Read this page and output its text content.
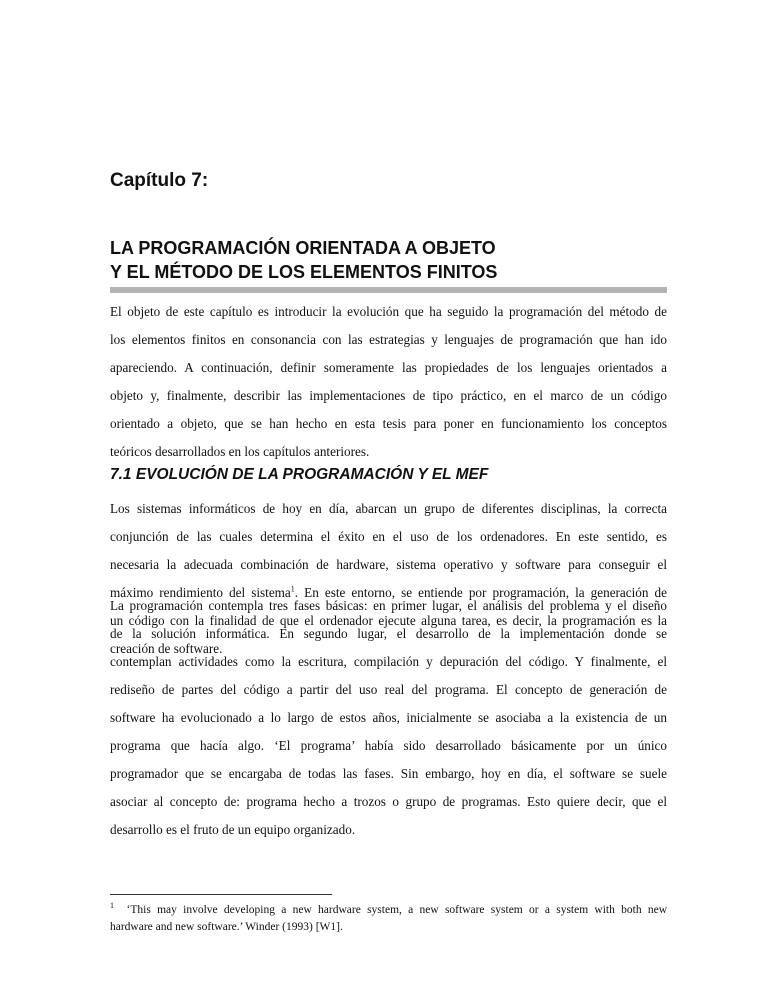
Capítulo 7:
LA PROGRAMACIÓN ORIENTADA A OBJETO
Y EL MÉTODO DE LOS ELEMENTOS FINITOS
El objeto de este capítulo es introducir la evolución que ha seguido la programación del método de
los elementos finitos en consonancia con las estrategias y lenguajes de programación que han ido
apareciendo. A continuación, definir someramente las propiedades de los lenguajes orientados a
objeto y, finalmente, describir las implementaciones de tipo práctico, en el marco de un código
orientado a objeto, que se han hecho en esta tesis para poner en funcionamiento los conceptos
teóricos desarrollados en los capítulos anteriores.
7.1 EVOLUCIÓN DE LA PROGRAMACIÓN Y EL MEF
Los sistemas informáticos de hoy en día, abarcan un grupo de diferentes disciplinas, la correcta
conjunción de las cuales determina el éxito en el uso de los ordenadores. En este sentido, es
necesaria la adecuada combinación de hardware, sistema operativo y software para conseguir el
máximo rendimiento del sistema$^1$. En este entorno, se entiende por programación, la generación de
un código con la finalidad de que el ordenador ejecute alguna tarea, es decir, la programación es la
creación de software.
La programación contempla tres fases básicas: en primer lugar, el análisis del problema y el diseño
de la solución informática. En segundo lugar, el desarrollo de la implementación donde se
contemplan actividades como la escritura, compilación y depuración del código. Y finalmente, el
rediseño de partes del código a partir del uso real del programa. El concepto de generación de
software ha evolucionado a lo largo de estos años, inicialmente se asociaba a la existencia de un
programa que hacía algo. ‘El programa’ había sido desarrollado básicamente por un único
programador que se encargaba de todas las fases. Sin embargo, hoy en día, el software se suele
asociar al concepto de: programa hecho a trozos o grupo de programas. Esto quiere decir, que el
desarrollo es el fruto de un equipo organizado.
$^1$ ‘This may involve developing a new hardware system, a new software system or a system with both new
hardware and new software.’ Winder (1993) [W1].
